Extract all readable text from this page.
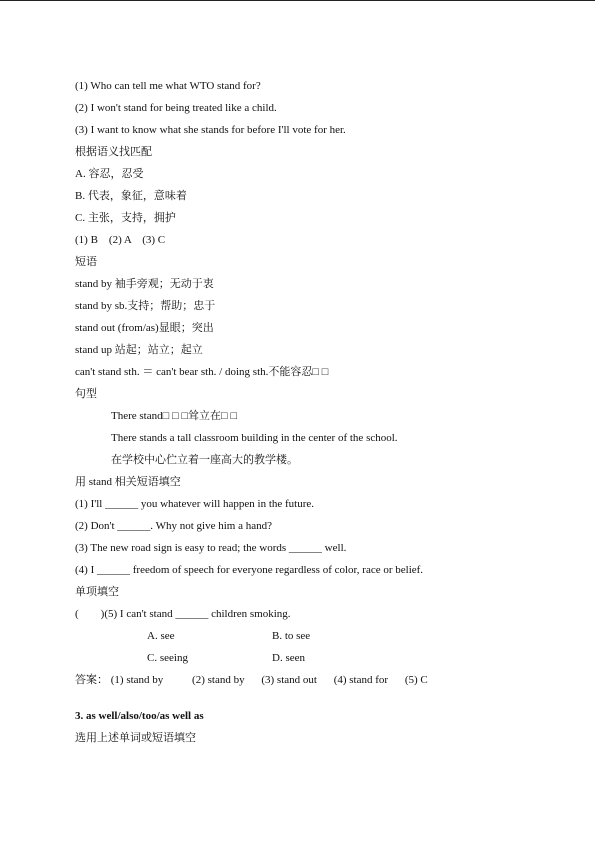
(1) Who can tell me what WTO stand for?
(2) I won't stand for being treated like a child.
(3) I want to know what she stands for before I'll vote for her.
根据语义找匹配
A. 容忍，忍受
B. 代表，象征，意味着
C. 主张，支持，拥护
(1) B    (2) A    (3) C
短语
stand by 袖手旁观；无动于衷
stand by sb.支持；帮助；忠于
stand out (from/as)显眼；突出
stand up 站起；站立；起立
can't stand sth. ＝ can't bear sth. / doing sth.不能容忍□ □
句型
There stand□ □ □耸立在□ □
There stands a tall classroom building in the center of the school.
在学校中心伫立着一座高大的教学楼。
用 stand 相关短语填空
(1) I'll ______ you whatever will happen in the future.
(2) Don't ______. Why not give him a hand?
(3) The new road sign is easy to read; the words ______ well.
(4) I ______ freedom of speech for everyone regardless of color, race or belief.
单项填空
(        )(5) I can't stand ______ children smoking.
A. see	B. to see
C. seeing	D. seen
答案： (1) stand by	(2) stand by (3) stand out (4) stand for (5) C
3. as well/also/too/as well as
选用上述单词或短语填空
